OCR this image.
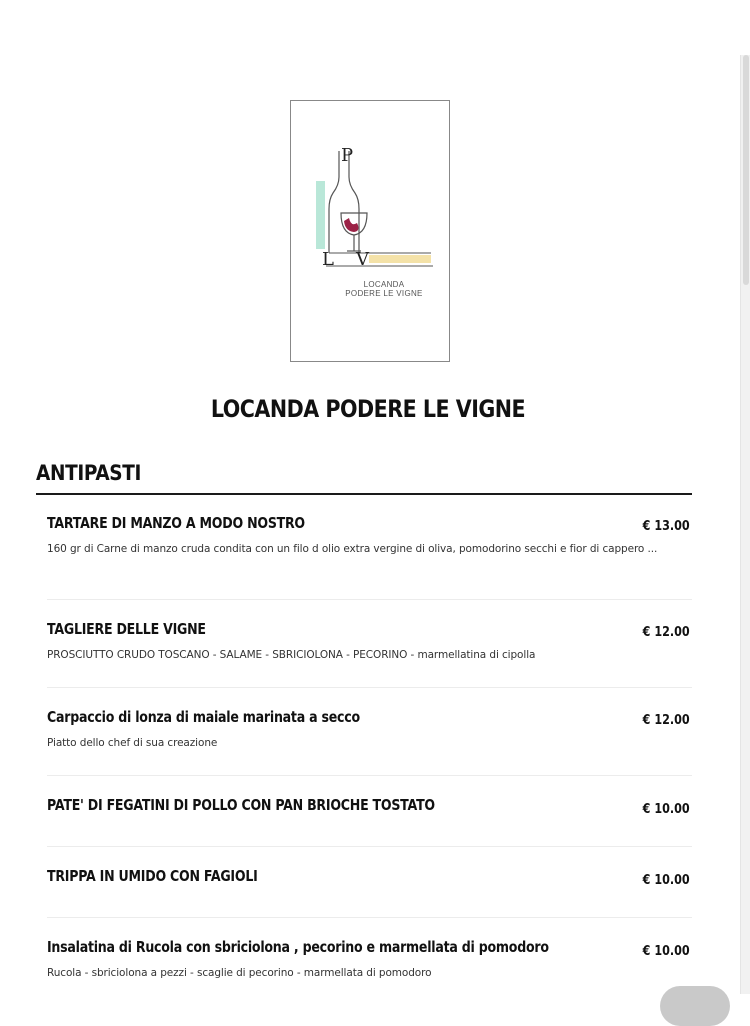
P
L V
LOCANDA
PODERE LE VIGNE
LOCANDA PODERE LE VIGNE
ANTIPASTI
TARTARE DI MANZO A MODO NOSTRO	€ 13.00
160 gr di Carne di manzo cruda condita con un filo d olio extra vergine di oliva, pomodorino secchi e fior di cappero ...
TAGLIERE DELLE VIGNE	€ 12.00
PROSCIUTTO CRUDO TOSCANO - SALAME - SBRICIOLONA - PECORINO - marmellatina di cipolla
Carpaccio di lonza di maiale marinata a secco	€ 12.00
Piatto dello chef di sua creazione
PATE' DI FEGATINI DI POLLO CON PAN BRIOCHE TOSTATO	€ 10.00
TRIPPA IN UMIDO CON FAGIOLI	€ 10.00
Insalatina di Rucola con sbriciolona , pecorino e marmellata di pomodoro	€ 10.00
Rucola - sbriciolona a pezzi - scaglie di pecorino - marmellata di pomodoro
